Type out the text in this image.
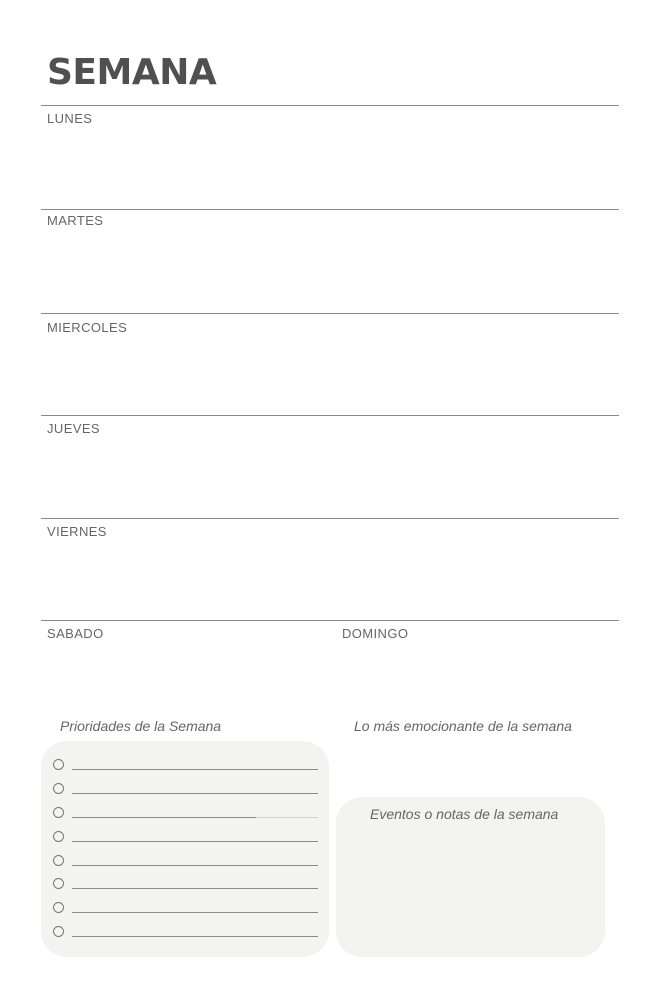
SEMANA
LUNES
MARTES
MIERCOLES
JUEVES
VIERNES
SABADO	DOMINGO
Prioridades de la Semana	Lo más emocionante de la semana
Eventos o notas de la semana
